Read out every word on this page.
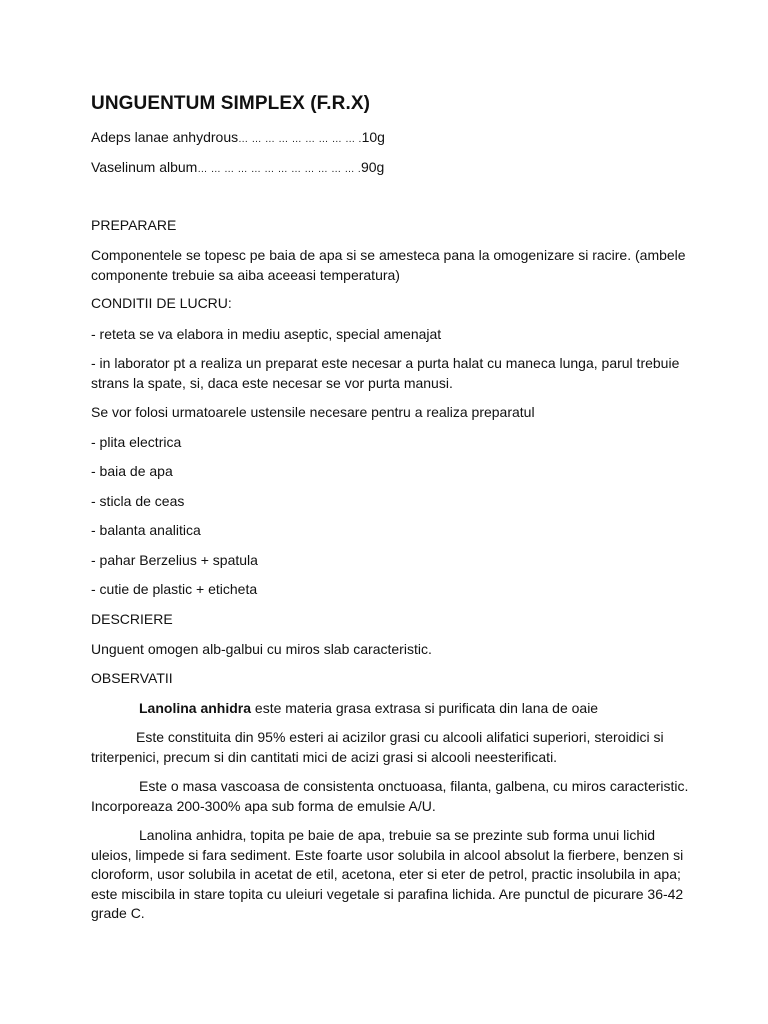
UNGUENTUM SIMPLEX (F.R.X)
Adeps lanae anhydrous… … … … … … … … … .10g
Vaselinum album… … … … … … … … … … … … .90g
PREPARARE
Componentele se topesc pe baia de apa si se amesteca pana la omogenizare si racire. (ambele componente trebuie sa aiba aceeasi temperatura)
CONDITII DE LUCRU:
- reteta se va elabora in mediu aseptic, special amenajat
- in laborator pt a realiza un preparat este necesar a purta halat cu maneca lunga, parul trebuie strans la spate, si, daca este necesar se vor purta manusi.
Se vor folosi urmatoarele ustensile necesare pentru a realiza preparatul
- plita electrica
- baia de apa
- sticla de ceas
- balanta analitica
- pahar Berzelius + spatula
- cutie de plastic + eticheta
DESCRIERE
Unguent omogen alb-galbui cu miros slab caracteristic.
OBSERVATII
Lanolina anhidra este materia grasa extrasa si purificata din lana de oaie
Este constituita din 95% esteri ai acizilor grasi cu alcooli alifatici superiori, steroidici si triterpenici, precum si din cantitati mici de acizi grasi si alcooli neesterificati.
Este o masa vascoasa de consistenta onctuoasa, filanta, galbena, cu miros caracteristic. Incorporeaza 200-300% apa sub forma de emulsie A/U.
Lanolina anhidra, topita pe baie de apa, trebuie sa se prezinte sub forma unui lichid uleios, limpede si fara sediment. Este foarte usor solubila in alcool absolut la fierbere, benzen si cloroform, usor solubila in acetat de etil, acetona, eter si eter de petrol, practic insolubila in apa; este miscibila in stare topita cu uleiuri vegetale si parafina lichida. Are punctul de picurare 36-42 grade C.
